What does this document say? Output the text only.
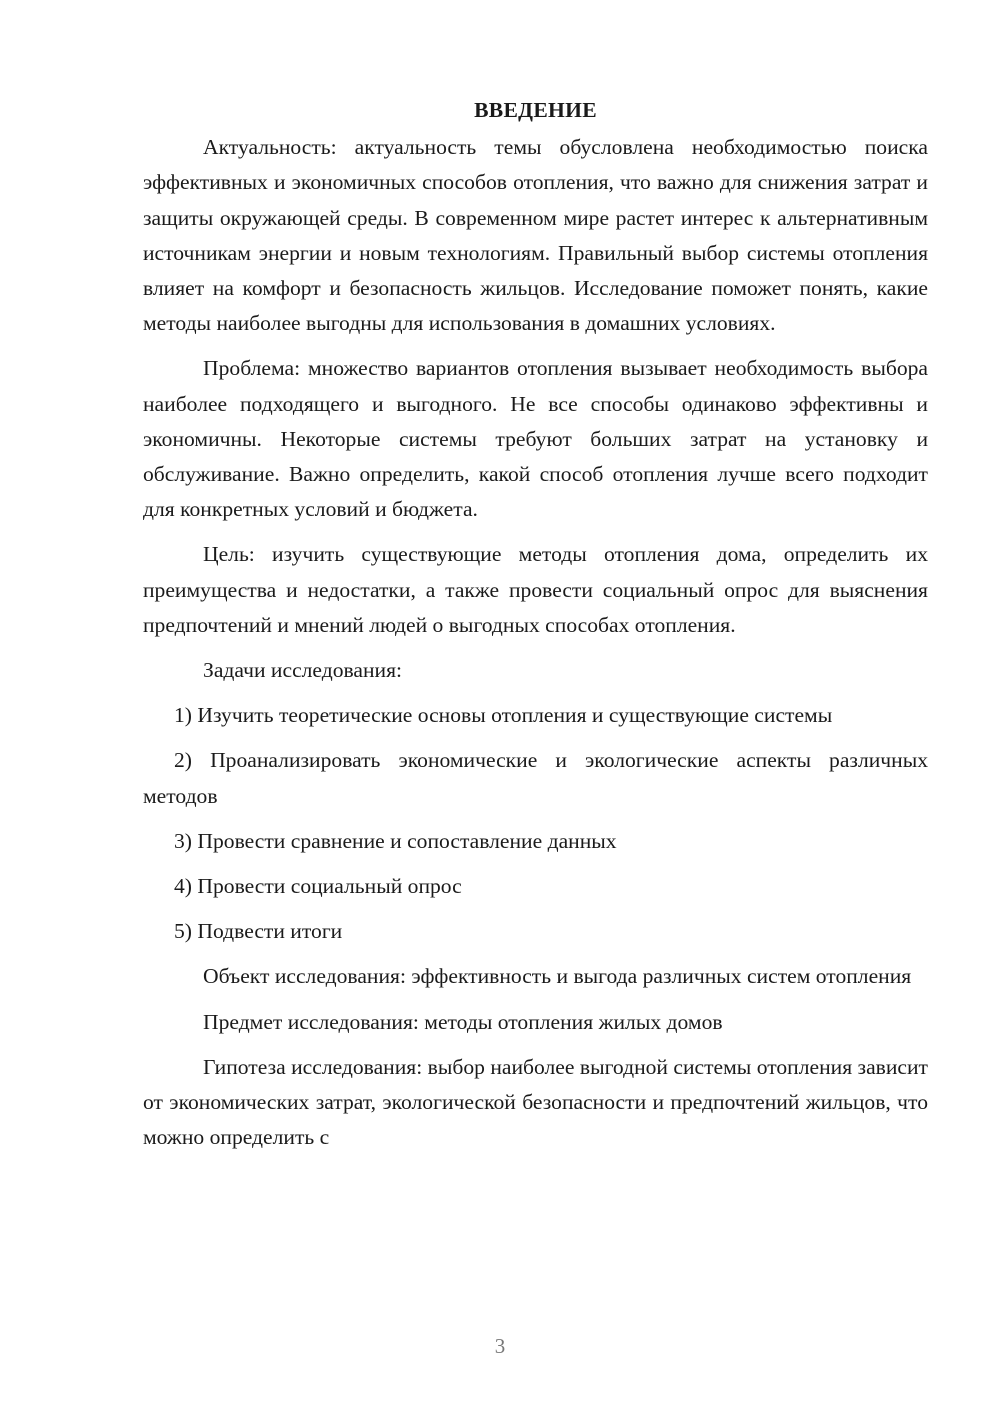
ВВЕДЕНИЕ

Актуальность: актуальность темы обусловлена необходимостью поиска эффективных и экономичных способов отопления, что важно для снижения затрат и защиты окружающей среды. В современном мире растет интерес к альтернативным источникам энергии и новым технологиям. Правильный выбор системы отопления влияет на комфорт и безопасность жильцов. Исследование поможет понять, какие методы наиболее выгодны для использования в домашних условиях.

Проблема: множество вариантов отопления вызывает необходимость выбора наиболее подходящего и выгодного. Не все способы одинаково эффективны и экономичны. Некоторые системы требуют больших затрат на установку и обслуживание. Важно определить, какой способ отопления лучше всего подходит для конкретных условий и бюджета.

Цель: изучить существующие методы отопления дома, определить их преимущества и недостатки, а также провести социальный опрос для выяснения предпочтений и мнений людей о выгодных способах отопления.

Задачи исследования:

1) Изучить теоретические основы отопления и существующие системы

2) Проанализировать экономические и экологические аспекты различных методов

3) Провести сравнение и сопоставление данных

4) Провести социальный опрос

5) Подвести итоги

Объект исследования: эффективность и выгода различных систем отопления

Предмет исследования: методы отопления жилых домов

Гипотеза исследования: выбор наиболее выгодной системы отопления зависит от экономических затрат, экологической безопасности и предпочтений жильцов, что можно определить с

3
